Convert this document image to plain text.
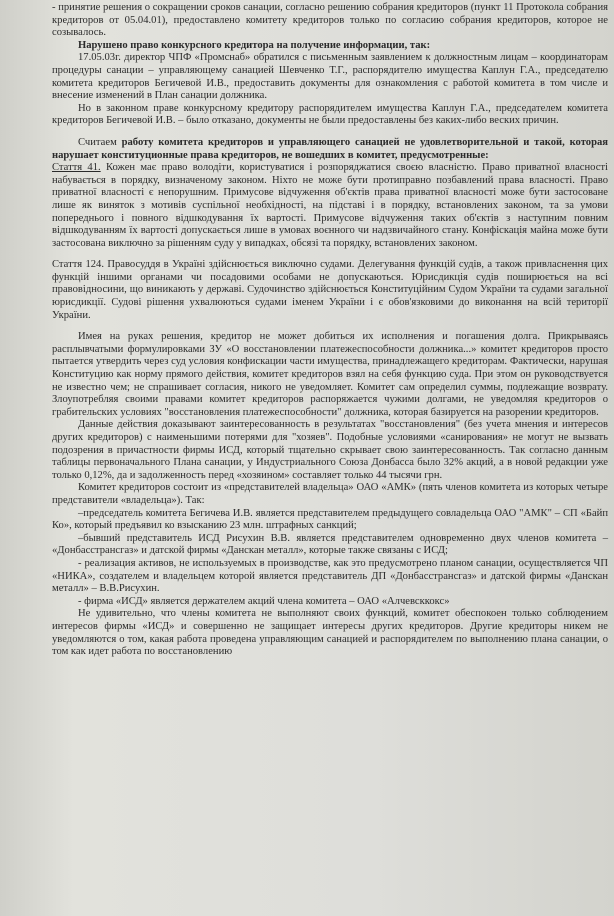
- принятие решения о сокращении сроков санации, согласно решению собрания кредиторов (пункт 11 Протокола собрания кредиторов от 05.04.01), предоставлено комитету кредиторов только по согласию собрания кредиторов, которое не созывалось.

Нарушено право конкурсного кредитора на получение информации, так:

17.05.03г. директор ЧПФ «Промснаб» обратился с письменным заявлением к должностным лицам – координаторам процедуры санации – управляющему санацией Шевченко Т.Г., распорядителю имущества Каплун Г.А., председателю комитета кредиторов Бегичевой И.В., предоставить документы для ознакомления с работой комитета в том числе и внесение изменений в План санации должника.

Но в законном праве конкурсному кредитору распорядителем имущества Каплун Г.А., председателем комитета кредиторов Бегичевой И.В. – было отказано, документы не были предоставлены без каких-либо веских причин.

Считаем работу комитета кредиторов и управляющего санацией не удовлетворительной и такой, которая нарушает конституционные права кредиторов, не вошедших в комитет, предусмотренные:

Стаття 41. Кожен має право володіти, користуватися і розпоряджатися своєю власністю. Право приватної власності набувається в порядку, визначеному законом. Ніхто не може бути протиправно позбавлений права власності. Право приватної власності є непорушним. Примусове відчуження об'єктів права приватної власності може бути застосоване лише як виняток з мотивів суспільної необхідності, на підставі і в порядку, встановлених законом, та за умови попереднього і повного відшкодування їх вартості. Примусове відчуження таких об'єктів з наступним повним відшкодуванням їх вартості допускається лише в умовах воєнного чи надзвичайного стану. Конфіскація майна може бути застосована виключно за рішенням суду у випадках, обсязі та порядку, встановлених законом.

Стаття 124. Правосуддя в Україні здійснюється виключно судами. Делегування функцій судів, а також привласнення цих функцій іншими органами чи посадовими особами не допускаються. Юрисдикція судів поширюється на всі правовідносини, що виникають у державі. Судочинство здійснюється Конституційним Судом України та судами загальної юрисдикції. Судові рішення ухвалюються судами іменем України і є обов'язковими до виконання на всій території України.

Имея на руках решения, кредитор не может добиться их исполнения и погашения долга. Прикрываясь расплывчатыми формулировками ЗУ «О восстановлении платежеспособности должника...» комитет кредиторов просто пытается утвердить через суд условия конфискации части имущества, принадлежащего кредиторам. Фактически, нарушая Конституцию как норму прямого действия, комитет кредиторов взял на себя функцию суда. При этом он руководствуется не известно чем; не спрашивает согласия, никого не уведомляет. Комитет сам определил суммы, подлежащие возврату. Злоупотребляя своими правами комитет кредиторов распоряжается чужими долгами, не уведомляя кредиторов о грабительских условиях "восстановления платежеспособности" должника, которая базируется на разорении кредиторов.

Данные действия доказывают заинтересованность в результатах "восстановления" (без учета мнения и интересов других кредиторов) с наименьшими потерями для "хозяев". Подобные условиями «санирования» не могут не вызвать подозрения в причастности фирмы ИСД, который тщательно скрывает свою заинтересованность. Так согласно данным таблицы первоначального Плана санации, у Индустриального Союза Донбасса было 32% акций, а в новой редакции уже только 0,12%, да и задолженность перед «хозяином» составляет только 44 тысячи грн.

Комитет кредиторов состоит из «представителей владельца» ОАО «АМК» (пять членов комитета из которых четыре представители «владельца»). Так:

–председатель комитета Бегичева И.В. является представителем предыдущего совладельца ОАО "АМК" – СП «Байп Ко», который предъявил ко взысканию 23 млн. штрафных санкций;

–бывший представитель ИСД Рисухин В.В. является представителем одновременно двух членов комитета – «Донбасстрансгаз» и датской фирмы «Данскан металл», которые также связаны с ИСД;

- реализация активов, не используемых в производстве, как это предусмотрено планом санации, осуществляется ЧП «НИКА», создателем и владельцем которой является представитель ДП «Донбасстрансгаз» и датской фирмы «Данскан металл» – В.В.Рисухин.

- фирма «ИСД» является держателем акций члена комитета – ОАО «Алчевсккокс»

Не удивительно, что члены комитета не выполняют своих функций, комитет обеспокоен только соблюдением интересов фирмы «ИСД» и совершенно не защищает интересы других кредиторов. Другие кредиторы никем не уведомляются о том, какая работа проведена управляющим санацией и распорядителем по выполнению плана санации, о том как идет работа по восстановлению
